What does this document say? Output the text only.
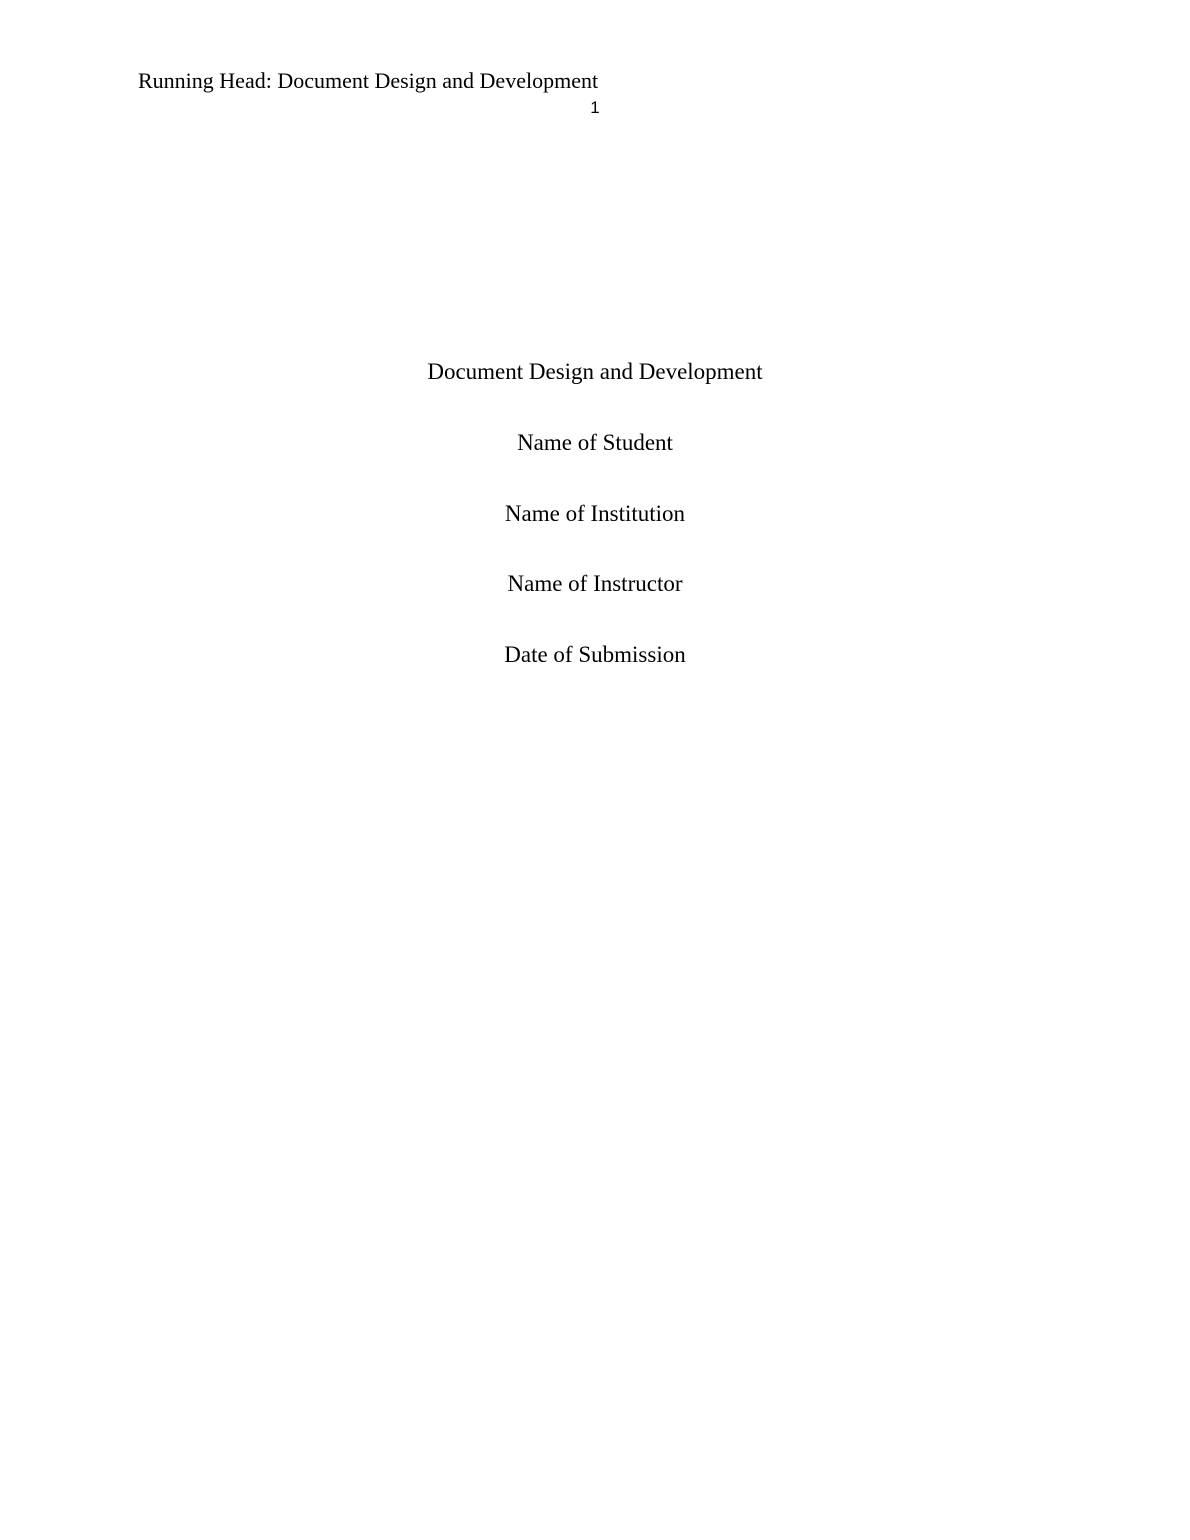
Running Head: Document Design and Development
1

Document Design and Development

Name of Student

Name of Institution

Name of Instructor

Date of Submission
